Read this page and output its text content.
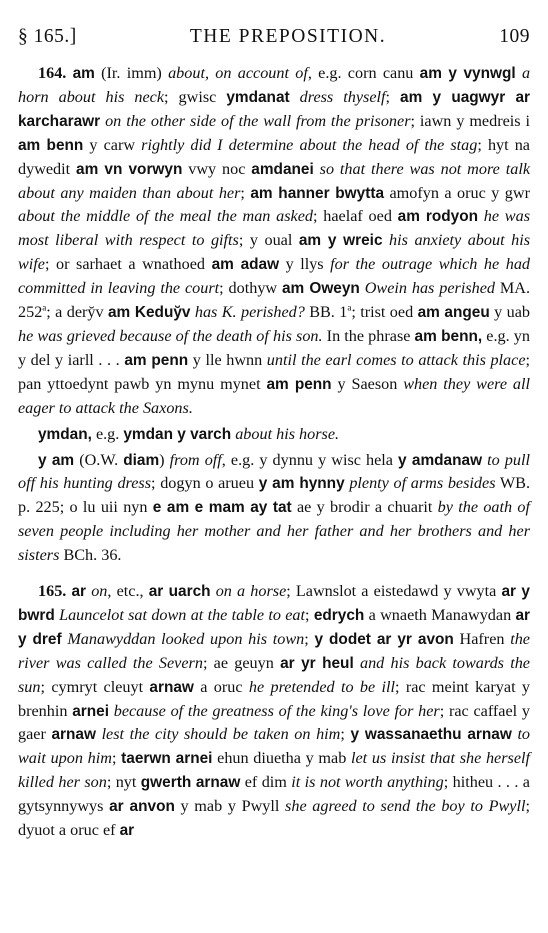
§ 165.]	THE PREPOSITION.	109

164. am (Ir. imm) about, on account of, e.g. corn canu am y vynwgl a horn about his neck; gwisc ymdanat dress thyself; am y uagwyr ar karcharawr on the other side of the wall from the prisoner; iawn y medreis i am benn y carw rightly did I determine about the head of the stag; hyt na dywedit am vn vorwyn vwy noc amdanei so that there was not more talk about any maiden than about her; am hanner bwytta amofyn a oruc y gwr about the middle of the meal the man asked; haelaf oed am rodyon he was most liberal with respect to gifts; y oual am y wreic his anxiety about his wife; or sarhaet a wnathoed am adaw y llys for the outrage which he had committed in leaving the court; dothyw am Oweyn Owein has perished MA. 252$^a$; a dery̆v am Keduy̆v has K. perished? BB. 1$^a$; trist oed am angeu y uab he was grieved because of the death of his son. In the phrase am benn, e.g. yn y del y iarll . . . am penn y lle hwnn until the earl comes to attack this place; pan yttoedynt pawb yn mynu mynet am penn y Saeson when they were all eager to attack the Saxons.

ymdan, e.g. ymdan y varch about his horse.

y am (O.W. diam) from off, e.g. y dynnu y wisc hela y amdanaw to pull off his hunting dress; dogyn o arueu y am hynny plenty of arms besides WB. p. 225; o lu uii nyn e am e mam ay tat ae y brodir a chuarit by the oath of seven people including her mother and her father and her brothers and her sisters BCh. 36.

165. ar on, etc., ar uarch on a horse; Lawnslot a eistedawd y vwyta ar y bwrd Launcelot sat down at the table to eat; edrych a wnaeth Manawydan ar y dref Manawyddan looked upon his town; y dodet ar yr avon Hafren the river was called the Severn; ae geuyn ar yr heul and his back towards the sun; cymryt cleuyt arnaw a oruc he pretended to be ill; rac meint karyat y brenhin arnei because of the greatness of the king's love for her; rac caffael y gaer arnaw lest the city should be taken on him; y wassanaethu arnaw to wait upon him; taerwn arnei ehun diuetha y mab let us insist that she herself killed her son; nyt gwerth arnaw ef dim it is not worth anything; hitheu . . . a gytsynnywys ar anvon y mab y Pwyll she agreed to send the boy to Pwyll; dyuot a oruc ef ar
